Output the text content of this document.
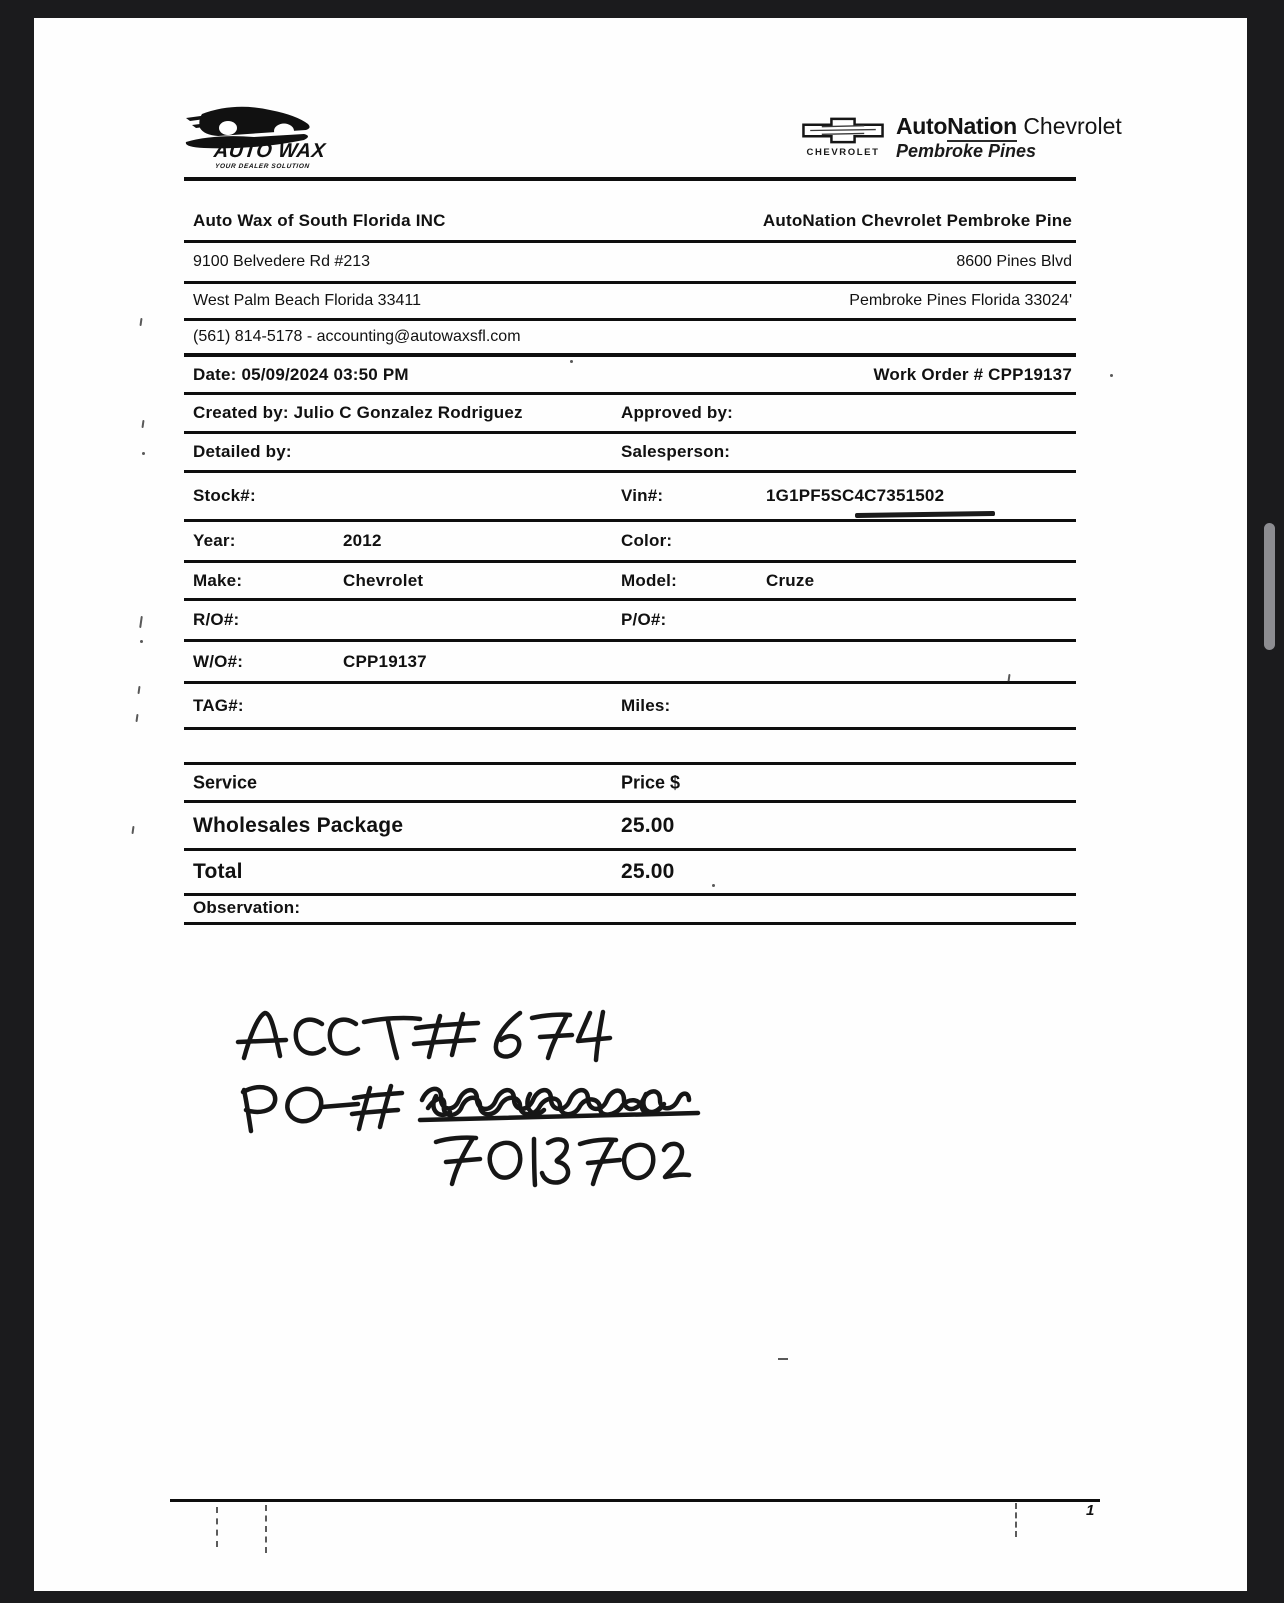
AUTO WAX
YOUR DEALER SOLUTION
CHEVROLET
AutoNation Chevrolet
Pembroke Pines
Auto Wax of South Florida INC	AutoNation Chevrolet Pembroke Pine
9100 Belvedere Rd #213	8600 Pines Blvd
West Palm Beach Florida 33411	Pembroke Pines Florida 33024'
(561) 814-5178 - accounting@autowaxsfl.com
Date: 05/09/2024 03:50 PM	Work Order # CPP19137
Created by: Julio C Gonzalez Rodriguez	Approved by:
Detailed by:	Salesperson:
Stock#:	Vin#:	1G1PF5SC4C7351502
Year:	2012	Color:
Make:	Chevrolet	Model:	Cruze
R/O#:	P/O#:
W/O#:	CPP19137
TAG#:	Miles:
Service	Price $
Wholesales Package	25.00
Total	25.00
Observation:
1
